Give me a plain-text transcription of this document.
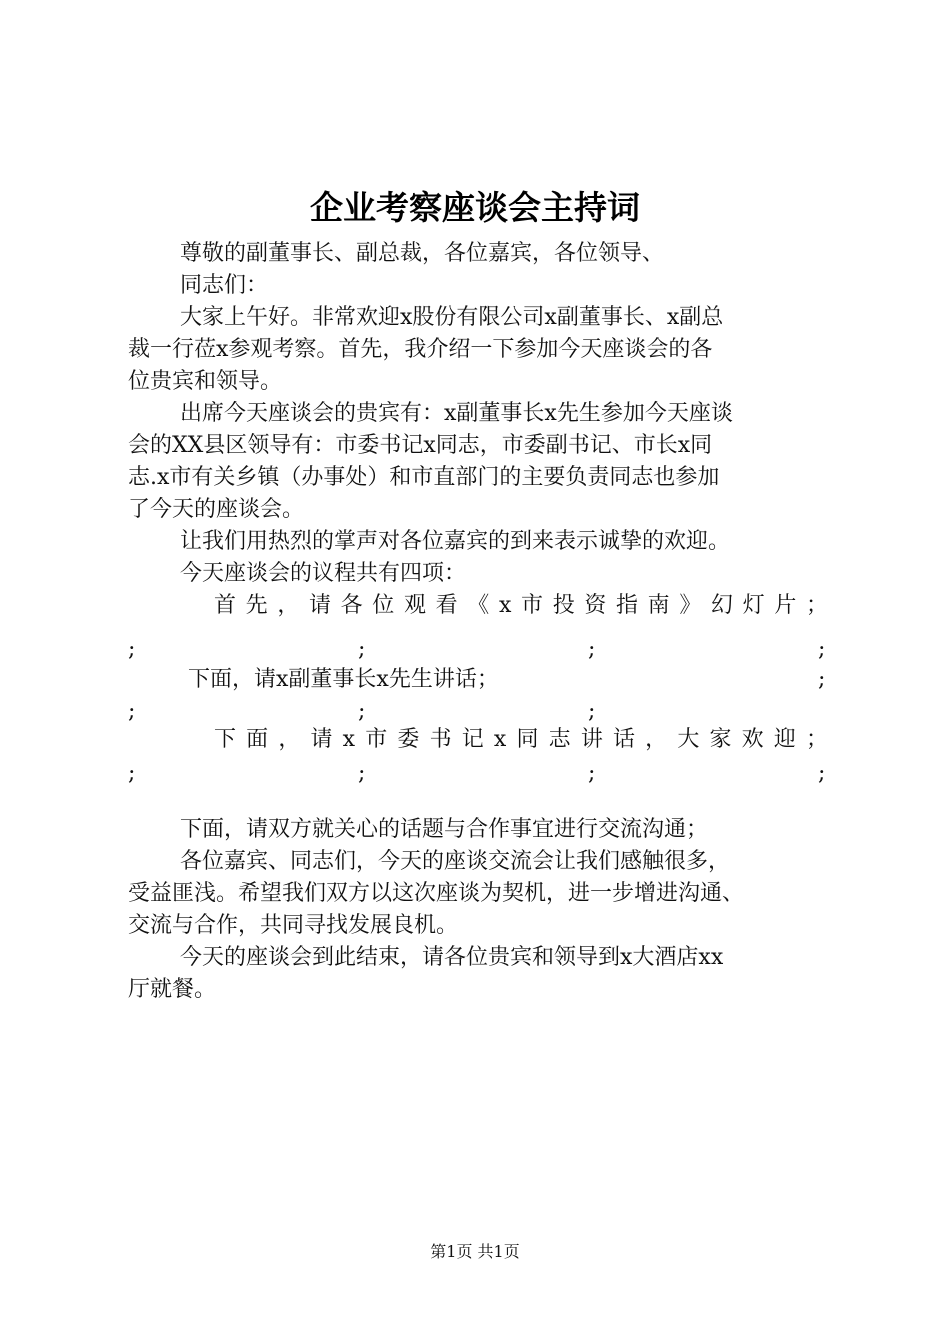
企业考察座谈会主持词
尊敬的副董事长、副总裁，各位嘉宾，各位领导、
同志们：
大家上午好。非常欢迎x股份有限公司x副董事长、x副总
裁一行莅x参观考察。首先，我介绍一下参加今天座谈会的各
位贵宾和领导。
出席今天座谈会的贵宾有：x副董事长x先生参加今天座谈
会的XX县区领导有：市委书记x同志，市委副书记、市长x同
志.x市有关乡镇（办事处）和市直部门的主要负责同志也参加
了今天的座谈会。
让我们用热烈的掌声对各位嘉宾的到来表示诚挚的欢迎。
今天座谈会的议程共有四项：
首先，请各位观看《x市投资指南》幻灯片；
;	;	;	;
下面，请x副董事长x先生讲话；	;
;	;	;
下面，请x市委书记x同志讲话，大家欢迎；
;	;	;	;
下面，请双方就关心的话题与合作事宜进行交流沟通；
各位嘉宾、同志们，今天的座谈交流会让我们感触很多，
受益匪浅。希望我们双方以这次座谈为契机，进一步增进沟通、
交流与合作，共同寻找发展良机。
今天的座谈会到此结束，请各位贵宾和领导到x大酒店xx
厅就餐。
第1页 共1页
